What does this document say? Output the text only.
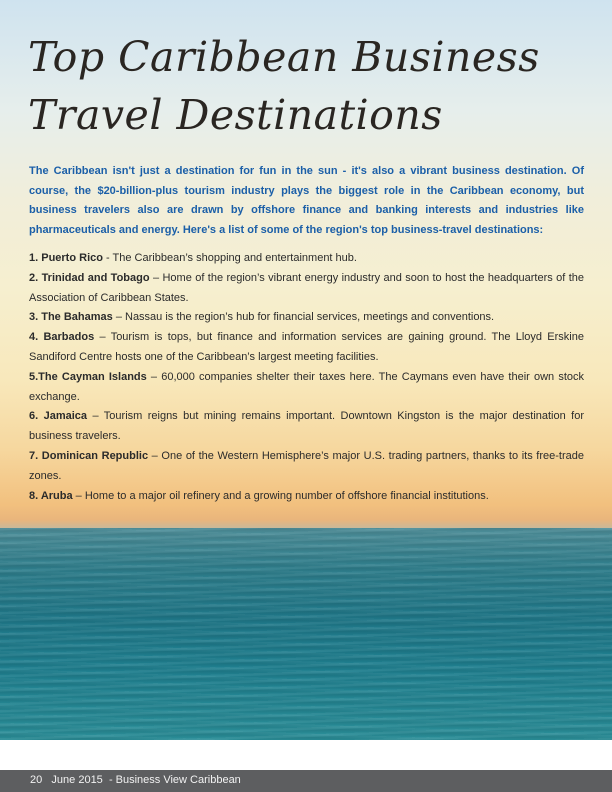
Top Caribbean Business
Travel Destinations

The Caribbean isn't just a destination for fun in the sun - it's also a vibrant business destination. Of course, the $20-billion-plus tourism industry plays the biggest role in the Caribbean economy, but business travelers also are drawn by offshore finance and banking interests and industries like pharmaceuticals and energy. Here's a list of some of the region's top business-travel destinations:

1. Puerto Rico - The Caribbean’s shopping and entertainment hub.
2. Trinidad and Tobago – Home of the region’s vibrant energy industry and soon to host the headquarters of the Association of Caribbean States.
3. The Bahamas – Nassau is the region’s hub for financial services, meetings and conventions.
4. Barbados – Tourism is tops, but finance and information services are gaining ground. The Lloyd Erskine Sandiford Centre hosts one of the Caribbean’s largest meeting facilities.
5.The Cayman Islands – 60,000 companies shelter their taxes here. The Caymans even have their own stock exchange.
6. Jamaica – Tourism reigns but mining remains important. Downtown Kingston is the major destination for business travelers.
7. Dominican Republic – One of the Western Hemisphere’s major U.S. trading partners, thanks to its free-trade zones.
8. Aruba – Home to a major oil refinery and a growing number of offshore financial institutions.
20 June 2015 - Business View Caribbean
